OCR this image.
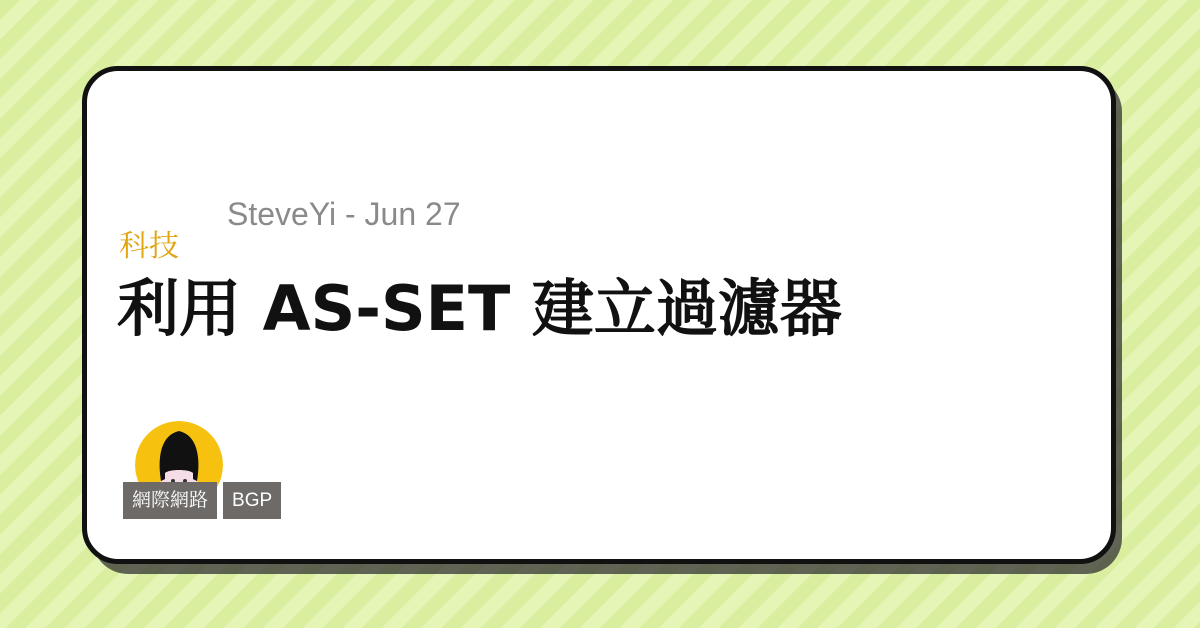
SteveYi - Jun 27
科技
利用 AS-SET 建立過濾器
網際網路	BGP
